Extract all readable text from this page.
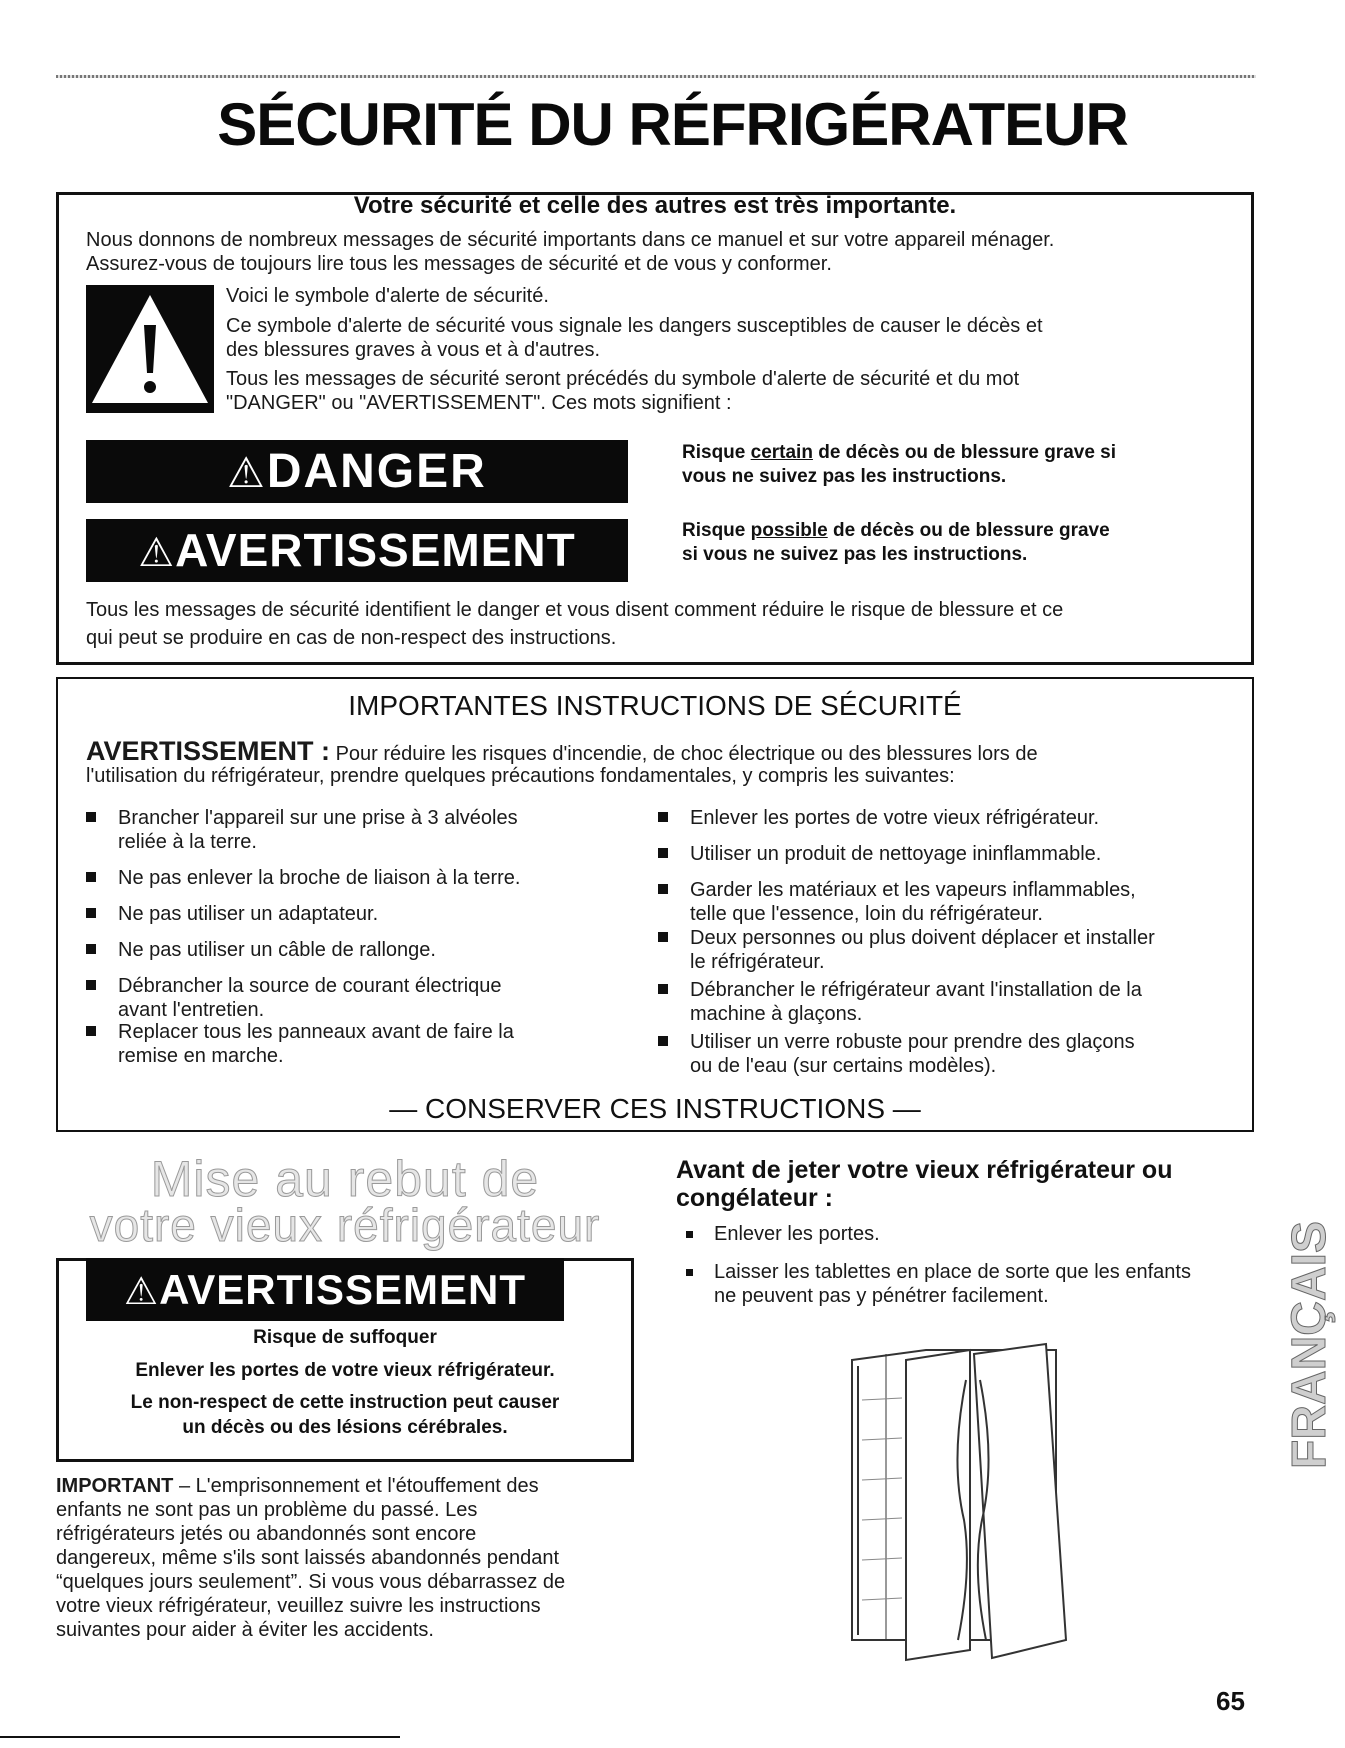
SÉCURITÉ DU RÉFRIGÉRATEUR
Votre sécurité et celle des autres est très importante.
Nous donnons de nombreux messages de sécurité importants dans ce manuel et sur votre appareil ménager.
Assurez-vous de toujours lire tous les messages de sécurité et de vous y conformer.
Voici le symbole d'alerte de sécurité.
Ce symbole d'alerte de sécurité vous signale les dangers susceptibles de causer le décès et
des blessures graves à vous et à d'autres.
Tous les messages de sécurité seront précédés du symbole d'alerte de sécurité et du mot
"DANGER" ou "AVERTISSEMENT". Ces mots signifient :
⚠DANGER	Risque certain de décès ou de blessure grave si
vous ne suivez pas les instructions.
⚠AVERTISSEMENT	Risque possible de décès ou de blessure grave
si vous ne suivez pas les instructions.
Tous les messages de sécurité identifient le danger et vous disent comment réduire le risque de blessure et ce
qui peut se produire en cas de non-respect des instructions.
IMPORTANTES INSTRUCTIONS DE SÉCURITÉ
AVERTISSEMENT : Pour réduire les risques d'incendie, de choc électrique ou des blessures lors de
l'utilisation du réfrigérateur, prendre quelques précautions fondamentales, y compris les suivantes:
Brancher l'appareil sur une prise à 3 alvéoles
reliée à la terre.
Ne pas enlever la broche de liaison à la terre.
Ne pas utiliser un adaptateur.
Ne pas utiliser un câble de rallonge.
Débrancher la source de courant électrique
avant l'entretien.
Replacer tous les panneaux avant de faire la
remise en marche.
Enlever les portes de votre vieux réfrigérateur.
Utiliser un produit de nettoyage ininflammable.
Garder les matériaux et les vapeurs inflammables,
telle que l'essence, loin du réfrigérateur.
Deux personnes ou plus doivent déplacer et installer
le réfrigérateur.
Débrancher le réfrigérateur avant l'installation de la
machine à glaçons.
Utiliser un verre robuste pour prendre des glaçons
ou de l'eau (sur certains modèles).
— CONSERVER CES INSTRUCTIONS —
Mise au rebut de
votre vieux réfrigérateur
⚠AVERTISSEMENT
Risque de suffoquer
Enlever les portes de votre vieux réfrigérateur.
Le non-respect de cette instruction peut causer
un décès ou des lésions cérébrales.
IMPORTANT – L'emprisonnement et l'étouffement des
enfants ne sont pas un problème du passé. Les
réfrigérateurs jetés ou abandonnés sont encore
dangereux, même s'ils sont laissés abandonnés pendant
“quelques jours seulement”. Si vous vous débarrassez de
votre vieux réfrigérateur, veuillez suivre les instructions
suivantes pour aider à éviter les accidents.
Avant de jeter votre vieux réfrigérateur ou
congélateur :
Enlever les portes.
Laisser les tablettes en place de sorte que les enfants
ne peuvent pas y pénétrer facilement.	FRANÇAIS
65
